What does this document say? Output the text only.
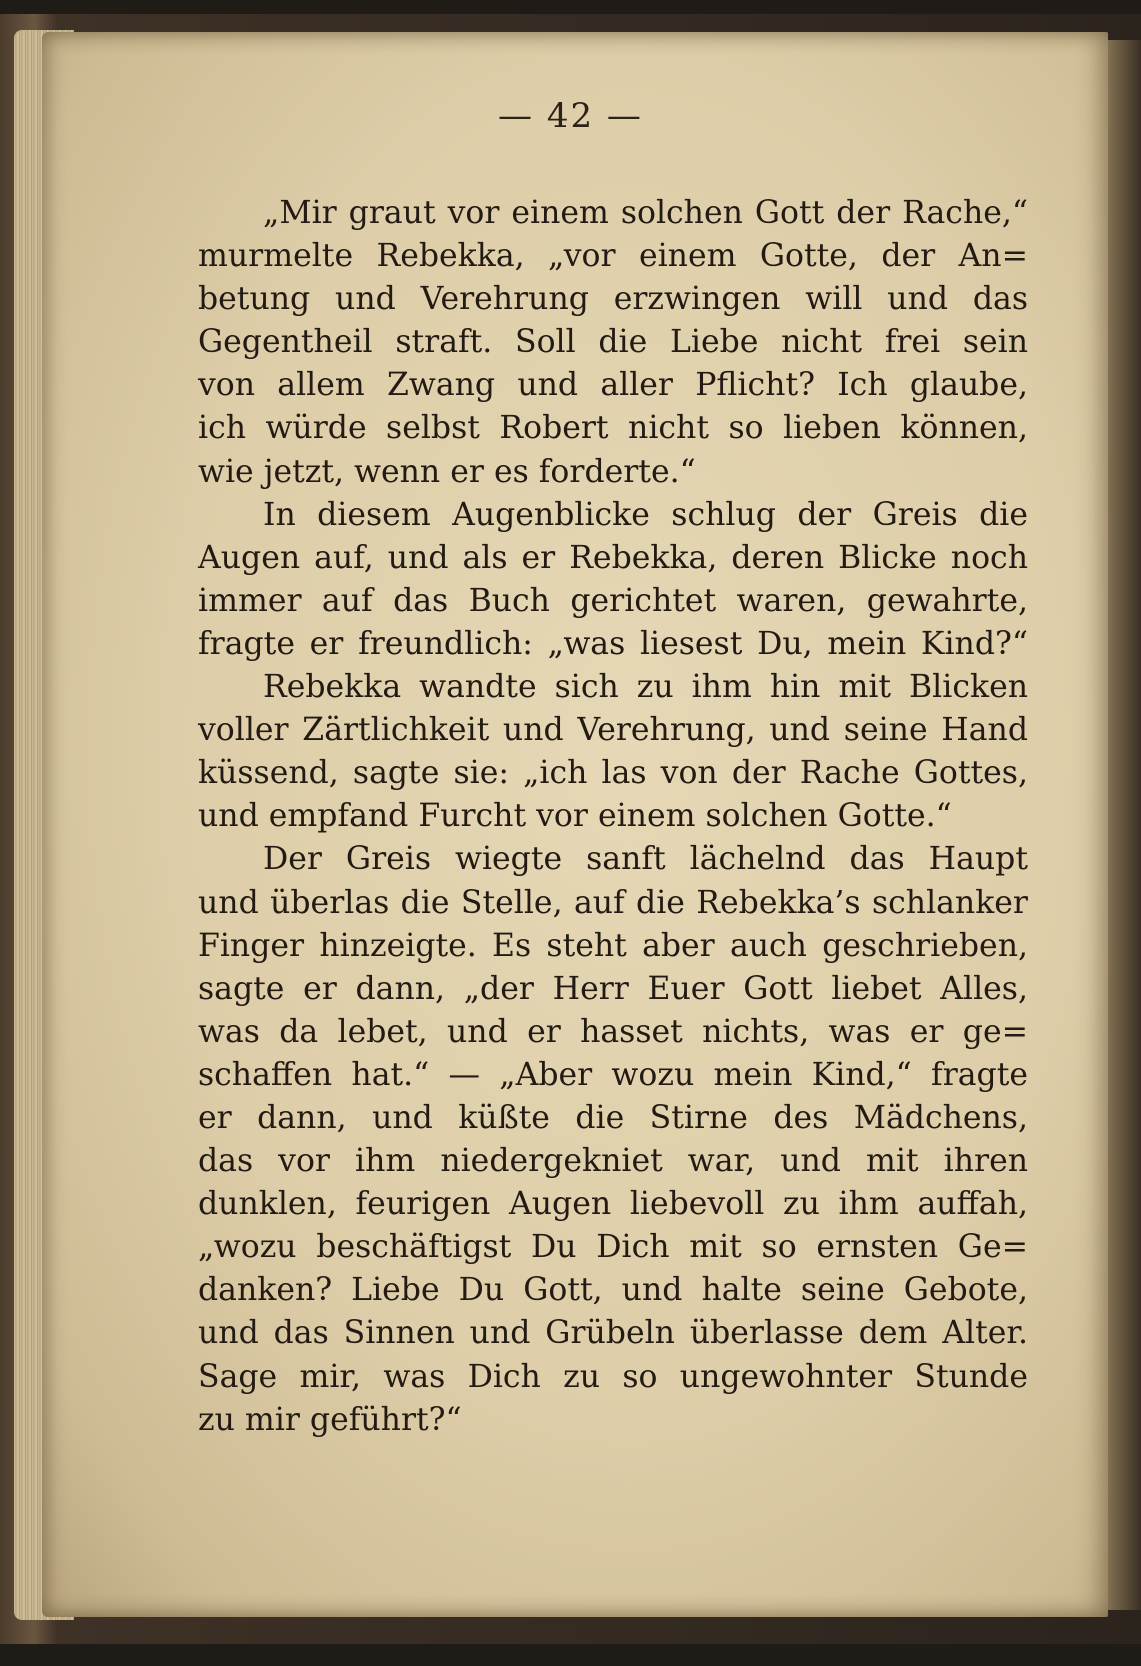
— 42 —
„Mir graut vor einem solchen Gott der Rache,“
murmelte Rebekka, „vor einem Gotte, der An=
betung und Verehrung erzwingen will und das
Gegentheil straft. Soll die Liebe nicht frei sein
von allem Zwang und aller Pflicht? Ich glaube,
ich würde selbst Robert nicht so lieben können,
wie jetzt, wenn er es forderte.“
In diesem Augenblicke schlug der Greis die
Augen auf, und als er Rebekka, deren Blicke noch
immer auf das Buch gerichtet waren, gewahrte,
fragte er freundlich: „was liesest Du, mein Kind?“
Rebekka wandte sich zu ihm hin mit Blicken
voller Zärtlichkeit und Verehrung, und seine Hand
küssend, sagte sie: „ich las von der Rache Gottes,
und empfand Furcht vor einem solchen Gotte.“
Der Greis wiegte sanft lächelnd das Haupt
und überlas die Stelle, auf die Rebekka’s schlanker
Finger hinzeigte. Es steht aber auch geschrieben,
sagte er dann, „der Herr Euer Gott liebet Alles,
was da lebet, und er hasset nichts, was er ge=
schaffen hat.“ — „Aber wozu mein Kind,“ fragte
er dann, und küßte die Stirne des Mädchens,
das vor ihm niedergekniet war, und mit ihren
dunklen, feurigen Augen liebevoll zu ihm auffah,
„wozu beschäftigst Du Dich mit so ernsten Ge=
danken? Liebe Du Gott, und halte seine Gebote,
und das Sinnen und Grübeln überlasse dem Alter.
Sage mir, was Dich zu so ungewohnter Stunde
zu mir geführt?“
